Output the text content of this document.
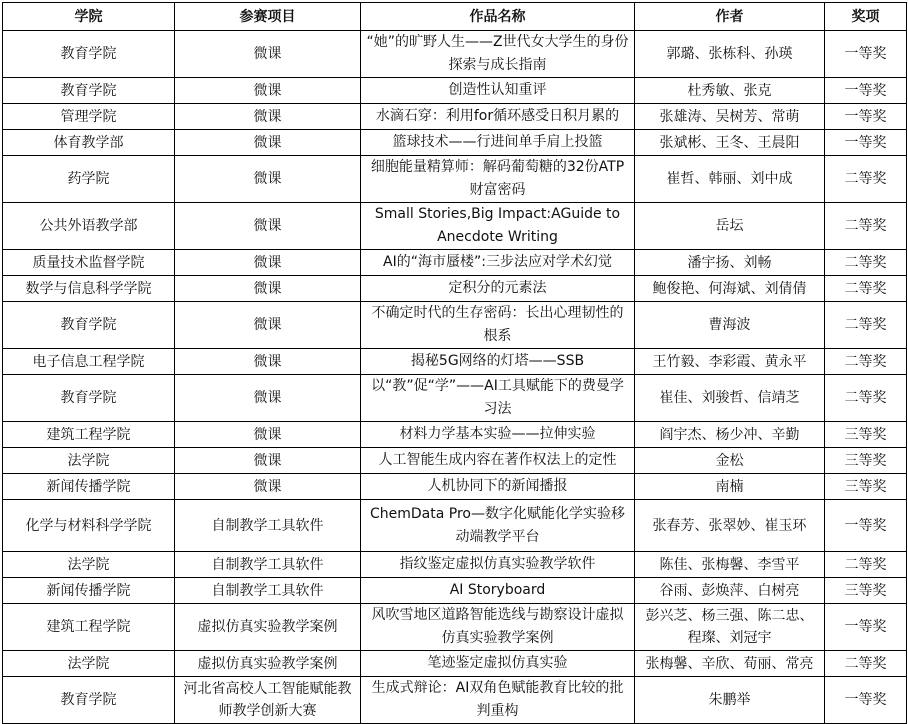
学院	参赛项目	作品名称	作者	奖项
教育学院	微课	“她”的旷野人生——Z世代女大学生的身份探索与成长指南	郭璐、张栋科、孙瑛	一等奖
教育学院	微课	创造性认知重评	杜秀敏、张克	一等奖
管理学院	微课	水滴石穿：利用for循环感受日积月累的	张雄涛、吴树芳、常萌	一等奖
体育教学部	微课	篮球技术——行进间单手肩上投篮	张斌彬、王冬、王晨阳	一等奖
药学院	微课	细胞能量精算师：解码葡萄糖的32份ATP财富密码	崔哲、韩丽、刘中成	二等奖
公共外语教学部	微课	Small Stories,Big Impact:AGuide to Anecdote Writing	岳坛	二等奖
质量技术监督学院	微课	AI的“海市蜃楼”:三步法应对学术幻觉	潘宇扬、刘畅	二等奖
数学与信息科学学院	微课	定积分的元素法	鲍俊艳、何海斌、刘倩倩	二等奖
教育学院	微课	不确定时代的生存密码：长出心理韧性的根系	曹海波	二等奖
电子信息工程学院	微课	揭秘5G网络的灯塔——SSB	王竹毅、李彩霞、黄永平	二等奖
教育学院	微课	以“教”促“学”——AI工具赋能下的费曼学习法	崔佳、刘骏哲、信靖芝	二等奖
建筑工程学院	微课	材料力学基本实验——拉伸实验	阎宇杰、杨少冲、辛勤	三等奖
法学院	微课	人工智能生成内容在著作权法上的定性	金松	三等奖
新闻传播学院	微课	人机协同下的新闻播报	南楠	三等奖
化学与材料科学学院	自制教学工具软件	ChemData Pro—数字化赋能化学实验移动端教学平台	张春芳、张翠妙、崔玉环	一等奖
法学院	自制教学工具软件	指纹鉴定虚拟仿真实验教学软件	陈佳、张梅馨、李雪平	二等奖
新闻传播学院	自制教学工具软件	AI Storyboard	谷雨、彭焕萍、白树亮	三等奖
建筑工程学院	虚拟仿真实验教学案例	风吹雪地区道路智能选线与勘察设计虚拟仿真实验教学案例	彭兴芝、杨三强、陈二忠、程璨、刘冠宇	一等奖
法学院	虚拟仿真实验教学案例	笔迹鉴定虚拟仿真实验	张梅馨、辛欣、荀丽、常亮	二等奖
教育学院	河北省高校人工智能赋能教师教学创新大赛	生成式辩论：AI双角色赋能教育比较的批判重构	朱鹏举	一等奖
